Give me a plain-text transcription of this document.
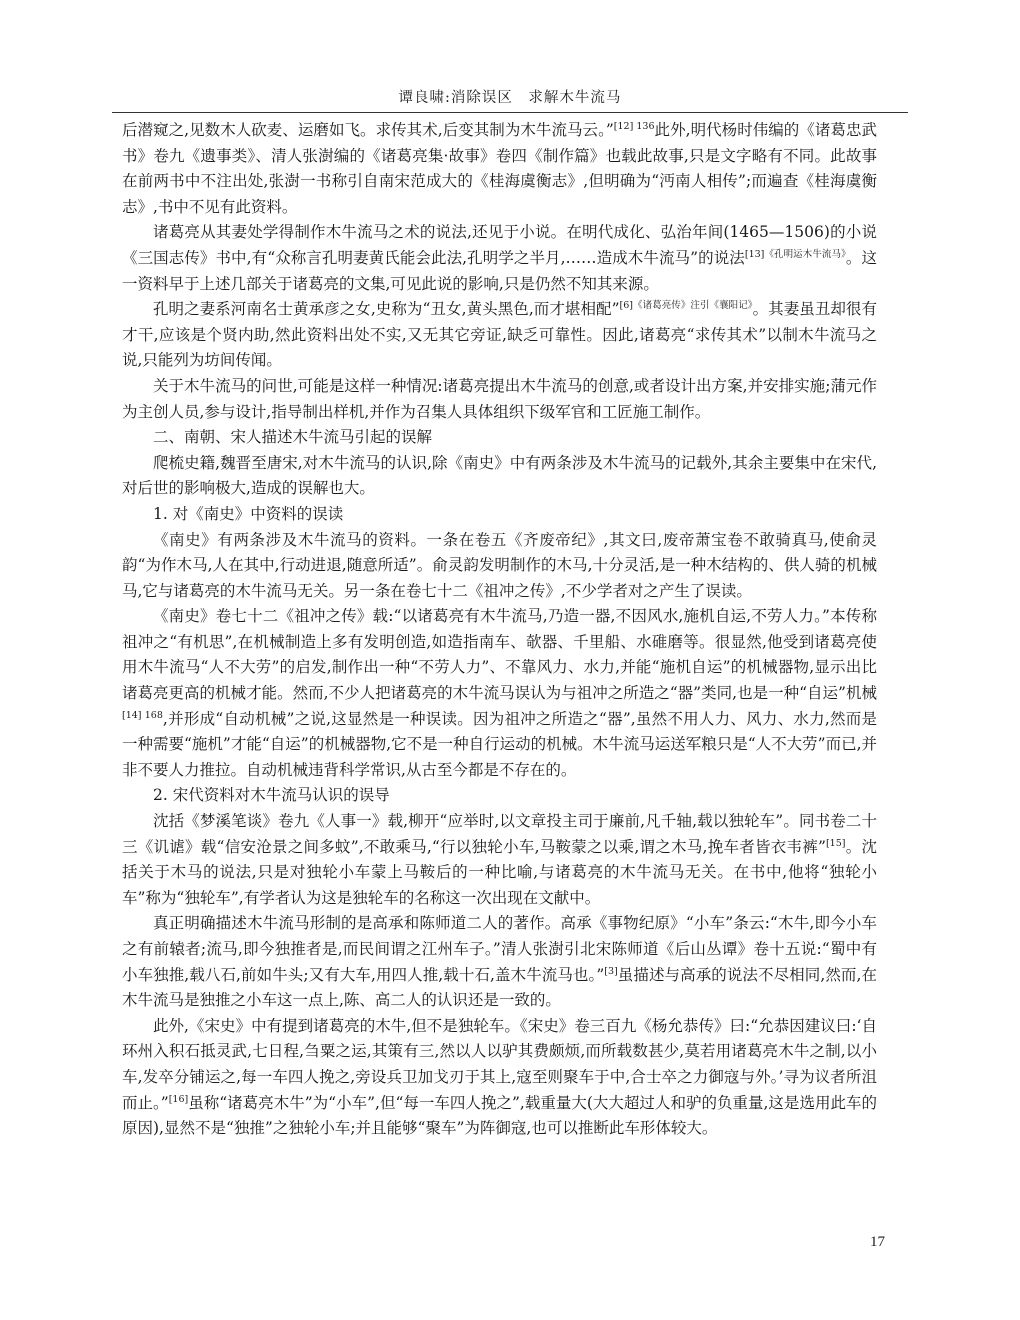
谭良啸:消除误区　求解木牛流马

后潜窥之,见数木人砍麦、运磨如飞。求传其术,后变其制为木牛流马云。”$^{[12] 136}$此外,明代杨时伟编的《诸葛忠武书》卷九《遗事类》、清人张澍编的《诸葛亮集·故事》卷四《制作篇》也载此故事,只是文字略有不同。此故事在前两书中不注出处,张澍一书称引自南宋范成大的《桂海虞衡志》,但明确为“沔南人相传”;而遍查《桂海虞衡志》,书中不见有此资料。

诸葛亮从其妻处学得制作木牛流马之术的说法,还见于小说。在明代成化、弘治年间(1465—1506)的小说《三国志传》书中,有“众称言孔明妻黄氏能会此法,孔明学之半月,……造成木牛流马”的说法$^{[13]《孔明运木牛流马》}$。这一资料早于上述几部关于诸葛亮的文集,可见此说的影响,只是仍然不知其来源。

孔明之妻系河南名士黄承彦之女,史称为“丑女,黄头黑色,而才堪相配”$^{[6]《诸葛亮传》注引《襄阳记》}$。其妻虽丑却很有才干,应该是个贤内助,然此资料出处不实,又无其它旁证,缺乏可靠性。因此,诸葛亮“求传其术”以制木牛流马之说,只能列为坊间传闻。

关于木牛流马的问世,可能是这样一种情况:诸葛亮提出木牛流马的创意,或者设计出方案,并安排实施;蒲元作为主创人员,参与设计,指导制出样机,并作为召集人具体组织下级军官和工匠施工制作。

二、南朝、宋人描述木牛流马引起的误解

爬梳史籍,魏晋至唐宋,对木牛流马的认识,除《南史》中有两条涉及木牛流马的记载外,其余主要集中在宋代,对后世的影响极大,造成的误解也大。

1. 对《南史》中资料的误读

《南史》有两条涉及木牛流马的资料。一条在卷五《齐废帝纪》,其文曰,废帝萧宝卷不敢骑真马,使俞灵韵“为作木马,人在其中,行动进退,随意所适”。俞灵韵发明制作的木马,十分灵活,是一种木结构的、供人骑的机械马,它与诸葛亮的木牛流马无关。另一条在卷七十二《祖冲之传》,不少学者对之产生了误读。

《南史》卷七十二《祖冲之传》载:“以诸葛亮有木牛流马,乃造一器,不因风水,施机自运,不劳人力。”本传称祖冲之“有机思”,在机械制造上多有发明创造,如造指南车、欹器、千里船、水碓磨等。很显然,他受到诸葛亮使用木牛流马“人不大劳”的启发,制作出一种“不劳人力”、不靠风力、水力,并能“施机自运”的机械器物,显示出比诸葛亮更高的机械才能。然而,不少人把诸葛亮的木牛流马误认为与祖冲之所造之“器”类同,也是一种“自运”机械$^{[14] 168}$,并形成“自动机械”之说,这显然是一种误读。因为祖冲之所造之“器”,虽然不用人力、风力、水力,然而是一种需要“施机”才能“自运”的机械器物,它不是一种自行运动的机械。木牛流马运送军粮只是“人不大劳”而已,并非不要人力推拉。自动机械违背科学常识,从古至今都是不存在的。

2. 宋代资料对木牛流马认识的误导

沈括《梦溪笔谈》卷九《人事一》载,柳开“应举时,以文章投主司于廉前,凡千轴,载以独轮车”。同书卷二十三《讥谑》载“信安沧景之间多蚊”,不敢乘马,“行以独轮小车,马鞍蒙之以乘,谓之木马,挽车者皆衣韦裤”[15]。沈括关于木马的说法,只是对独轮小车蒙上马鞍后的一种比喻,与诸葛亮的木牛流马无关。在书中,他将“独轮小车”称为“独轮车”,有学者认为这是独轮车的名称这一次出现在文献中。

真正明确描述木牛流马形制的是高承和陈师道二人的著作。高承《事物纪原》“小车”条云:“木牛,即今小车之有前辕者;流马,即今独推者是,而民间谓之江州车子。”清人张澍引北宋陈师道《后山丛谭》卷十五说:“蜀中有小车独推,载八石,前如牛头;又有大车,用四人推,载十石,盖木牛流马也。”[3]虽描述与高承的说法不尽相同,然而,在木牛流马是独推之小车这一点上,陈、高二人的认识还是一致的。

此外,《宋史》中有提到诸葛亮的木牛,但不是独轮车。《宋史》卷三百九《杨允恭传》曰:“允恭因建议曰:‘自环州入积石抵灵武,七日程,刍粟之运,其策有三,然以人以驴其费颇烦,而所载数甚少,莫若用诸葛亮木牛之制,以小车,发卒分铺运之,每一车四人挽之,旁设兵卫加戈刃于其上,寇至则聚车于中,合士卒之力御寇与外。’寻为议者所沮而止。”[16]虽称“诸葛亮木牛”为“小车”,但“每一车四人挽之”,载重量大(大大超过人和驴的负重量,这是选用此车的原因),显然不是“独推”之独轮小车;并且能够“聚车”为阵御寇,也可以推断此车形体较大。

17
